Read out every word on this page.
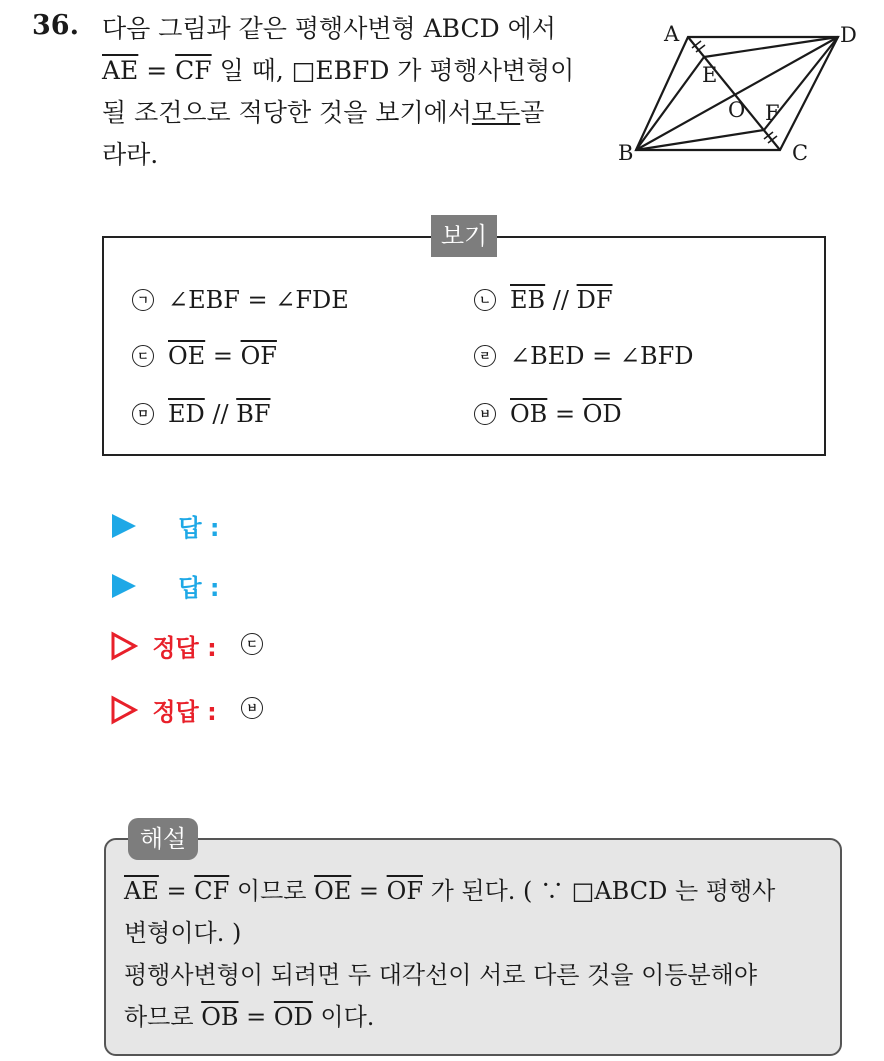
36. 다음 그림과 같은 평행사변형 ABCD 에서
$\overline{AE} = \overline{CF}$ 일 때, □EBFD 가 평행사변형이
될 조건으로 적당한 것을 보기에서모두골
라라.
A
B	C
D
E
F
O
보기
ㄱ ∠EBF = ∠FDE	ㄴ $\overline{EB} // \overline{DF}$
ㄷ $\overline{OE} = \overline{OF}$	ㄹ ∠BED = ∠BFD
ㅁ $\overline{ED} // \overline{BF}$	ㅂ $\overline{OB} = \overline{OD}$
답 :
답 :
정답 : ㄷ
정답 : ㅂ
해설
$\overline{AE} = \overline{CF}$ 이므로 $\overline{OE} = \overline{OF}$ 가 된다. ( ∵ □ABCD 는 평행사
변형이다. )
평행사변형이 되려면 두 대각선이 서로 다른 것을 이등분해야
하므로 $\overline{OB} = \overline{OD}$ 이다.
